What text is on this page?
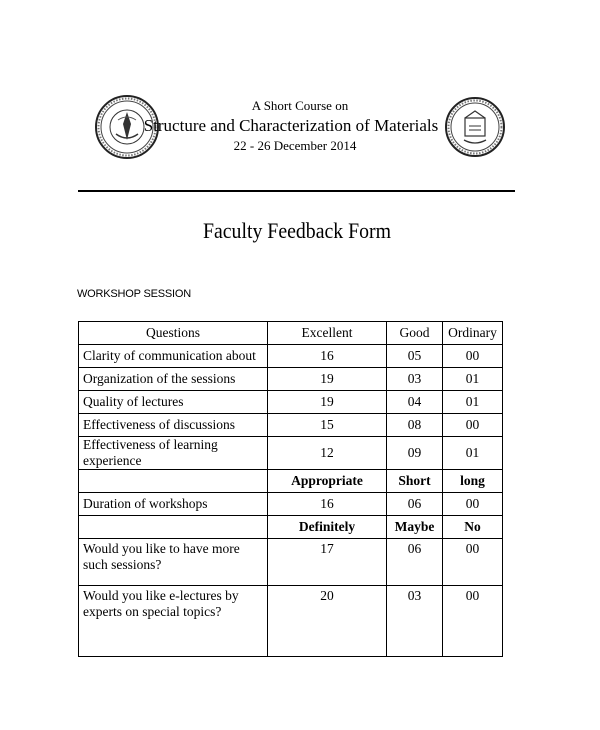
A Short Course on
Structure and Characterization of Materials
22 - 26 December 2014
Faculty Feedback Form
WORKSHOP SESSION
Questions	Excellent	Good	Ordinary
Clarity of communication about	16	05	00
Organization of the sessions	19	03	01
Quality of lectures	19	04	01
Effectiveness of discussions	15	08	00
Effectiveness of learning experience	12	09	01
	Appropriate	Short	long
Duration of workshops	16	06	00
	Definitely	Maybe	No
Would you like to have more such sessions?	17	06	00
Would you like e-lectures by experts on special topics?	20	03	00
